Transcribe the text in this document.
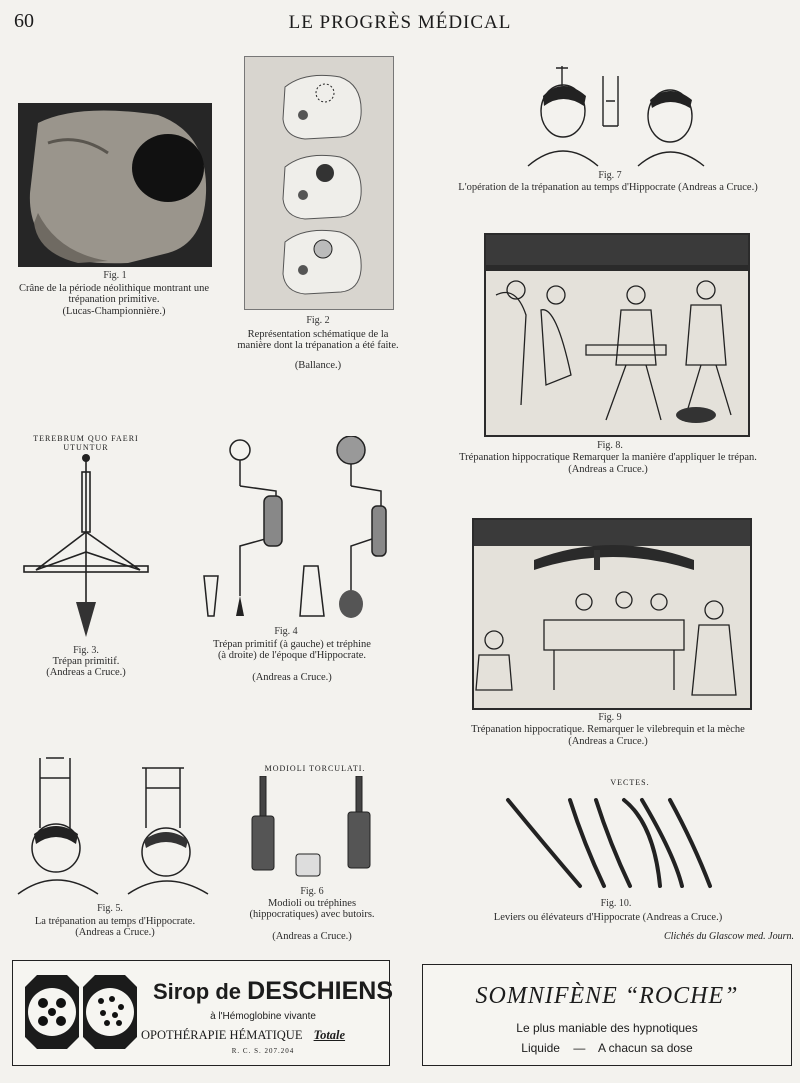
60	LE PROGRÈS MÉDICAL
Fig. 1
Crâne de la période néolithique montrant une trépanation primitive.
(Lucas-Championnière.)
Fig. 2
Représentation schématique de la manière dont la trépanation a été faite.
(Ballance.)
Fig. 7
L'opération de la trépanation au temps d'Hippocrate (Andreas a Cruce.)
Fig. 8.
Trépanation hippocratique Remarquer la manière d'appliquer le trépan.
(Andreas a Cruce.)
TEREBRUM QUO FAERI UTUNTUR
Fig. 3.
Trépan primitif.
(Andreas a Cruce.)
Fig. 4
Trépan primitif (à gauche) et tréphine (à droite) de l'époque d'Hippocrate.
(Andreas a Cruce.)
Fig. 9
Trépanation hippocratique. Remarquer le vilebrequin et la mèche
(Andreas a Cruce.)
Fig. 5.
La trépanation au temps d'Hippocrate.
(Andreas a Cruce.)
MODIOLI TORCULATI.
Fig. 6
Modioli ou tréphines (hippocratiques) avec butoirs.
(Andreas a Cruce.)
VECTES.
Fig. 10.
Leviers ou élévateurs d'Hippocrate (Andreas a Cruce.)
Clichés du Glascow med. Journ.
Sirop de DESCHIENS
à l'Hémoglobine vivante
OPOTHÉRAPIE HÉMATIQUE Totale
R. C. S. 207.204
SOMNIFÈNE “ROCHE”
Le plus maniable des hypnotiques
Liquide — A chacun sa dose
